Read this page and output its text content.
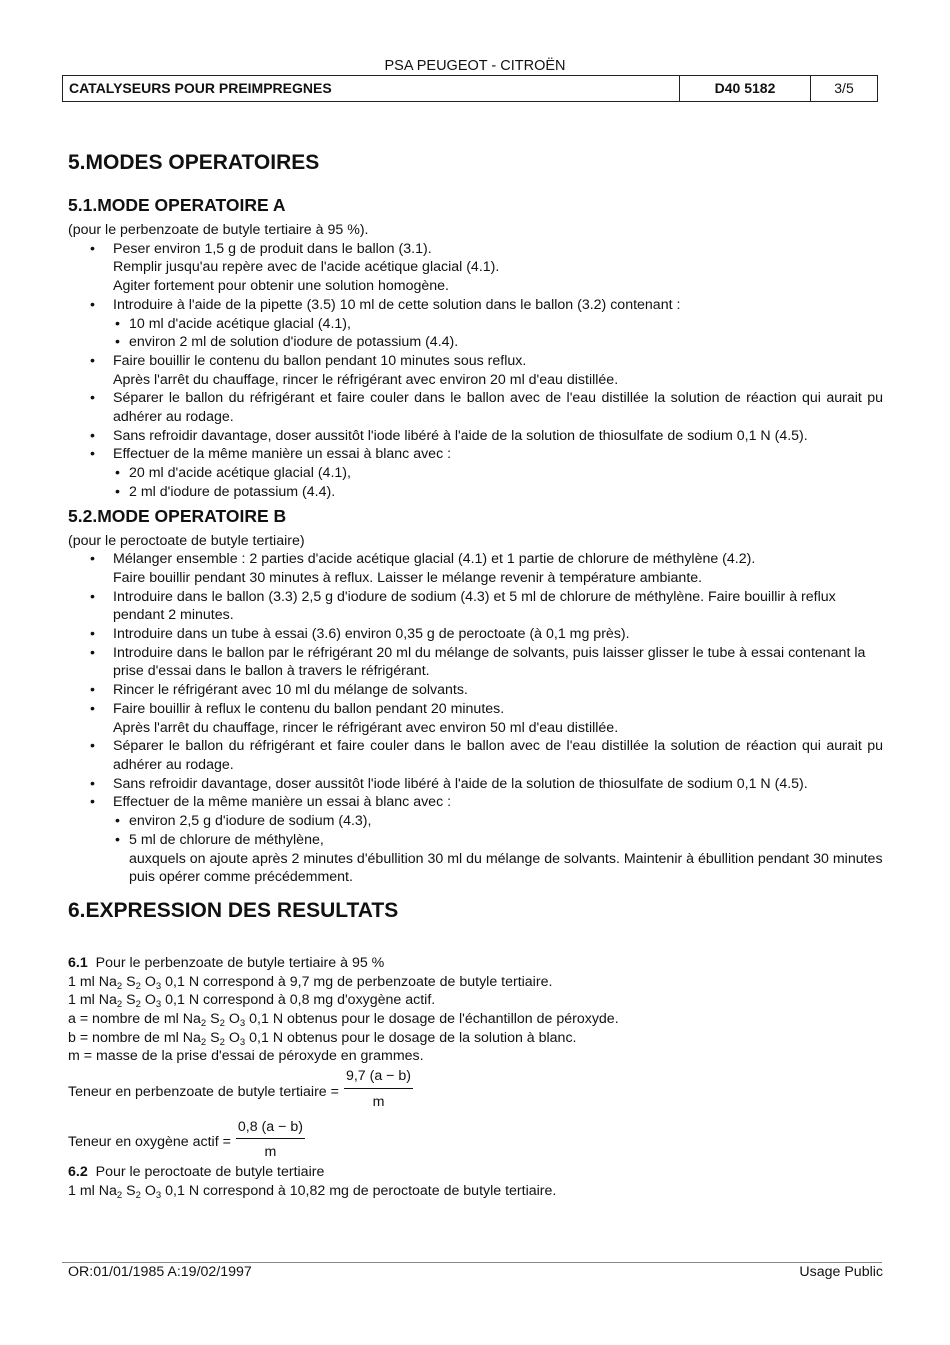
PSA PEUGEOT - CITROËN
CATALYSEURS POUR PREIMPREGNES	D40 5182	3/5
5.MODES OPERATOIRES
5.1.MODE OPERATOIRE A

(pour le perbenzoate de butyle tertiaire à 95 %).

• Peser environ 1,5 g de produit dans le ballon (3.1).
Remplir jusqu'au repère avec de l'acide acétique glacial (4.1).
Agiter fortement pour obtenir une solution homogène.
• Introduire à l'aide de la pipette (3.5) 10 ml de cette solution dans le ballon (3.2) contenant :
• 10 ml d'acide acétique glacial (4.1),
• environ 2 ml de solution d'iodure de potassium (4.4).
• Faire bouillir le contenu du ballon pendant 10 minutes sous reflux.
Après l'arrêt du chauffage, rincer le réfrigérant avec environ 20 ml d'eau distillée.
• Séparer le ballon du réfrigérant et faire couler dans le ballon avec de l'eau distillée la solution de réaction qui aurait pu adhérer au rodage.
• Sans refroidir davantage, doser aussitôt l'iode libéré à l'aide de la solution de thiosulfate de sodium 0,1 N (4.5).
• Effectuer de la même manière un essai à blanc avec :
• 20 ml d'acide acétique glacial (4.1),
• 2 ml d'iodure de potassium (4.4).
5.2.MODE OPERATOIRE B

(pour le peroctoate de butyle tertiaire)

• Mélanger ensemble : 2 parties d'acide acétique glacial (4.1) et 1 partie de chlorure de méthylène (4.2).
Faire bouillir pendant 30 minutes à reflux. Laisser le mélange revenir à température ambiante.
• Introduire dans le ballon (3.3) 2,5 g d'iodure de sodium (4.3) et 5 ml de chlorure de méthylène. Faire bouillir à reflux pendant 2 minutes.
• Introduire dans un tube à essai (3.6) environ 0,35 g de peroctoate (à 0,1 mg près).
• Introduire dans le ballon par le réfrigérant 20 ml du mélange de solvants, puis laisser glisser le tube à essai contenant la prise d'essai dans le ballon à travers le réfrigérant.
• Rincer le réfrigérant avec 10 ml du mélange de solvants.
• Faire bouillir à reflux le contenu du ballon pendant 20 minutes.
Après l'arrêt du chauffage, rincer le réfrigérant avec environ 50 ml d'eau distillée.
• Séparer le ballon du réfrigérant et faire couler dans le ballon avec de l'eau distillée la solution de réaction qui aurait pu adhérer au rodage.
• Sans refroidir davantage, doser aussitôt l'iode libéré à l'aide de la solution de thiosulfate de sodium 0,1 N (4.5).
• Effectuer de la même manière un essai à blanc avec :
• environ 2,5 g d'iodure de sodium (4.3),
• 5 ml de chlorure de méthylène,
auxquels on ajoute après 2 minutes d'ébullition 30 ml du mélange de solvants. Maintenir à ébullition pendant 30 minutes puis opérer comme précédemment.
6.EXPRESSION DES RESULTATS
6.1 Pour le perbenzoate de butyle tertiaire à 95 %
1 ml $Na_2$ $S_2$ $O_3$ 0,1 N correspond à 9,7 mg de perbenzoate de butyle tertiaire.
1 ml $Na_2$ $S_2$ $O_3$ 0,1 N correspond à 0,8 mg d'oxygène actif.
a = nombre de ml $Na_2$ $S_2$ $O_3$ 0,1 N obtenus pour le dosage de l'échantillon de péroxyde.
b = nombre de ml $Na_2$ $S_2$ $O_3$ 0,1 N obtenus pour le dosage de la solution à blanc.
m = masse de la prise d'essai de péroxyde en grammes.
Teneur en perbenzoate de butyle tertiaire = $\frac{9,7 (a - b)}{m}$
Teneur en oxygène actif = $\frac{0,8 (a - b)}{m}$
6.2 Pour le peroctoate de butyle tertiaire
1 ml $Na_2$ $S_2$ $O_3$ 0,1 N correspond à 10,82 mg de peroctoate de butyle tertiaire.
OR:01/01/1985 A:19/02/1997	Usage Public
